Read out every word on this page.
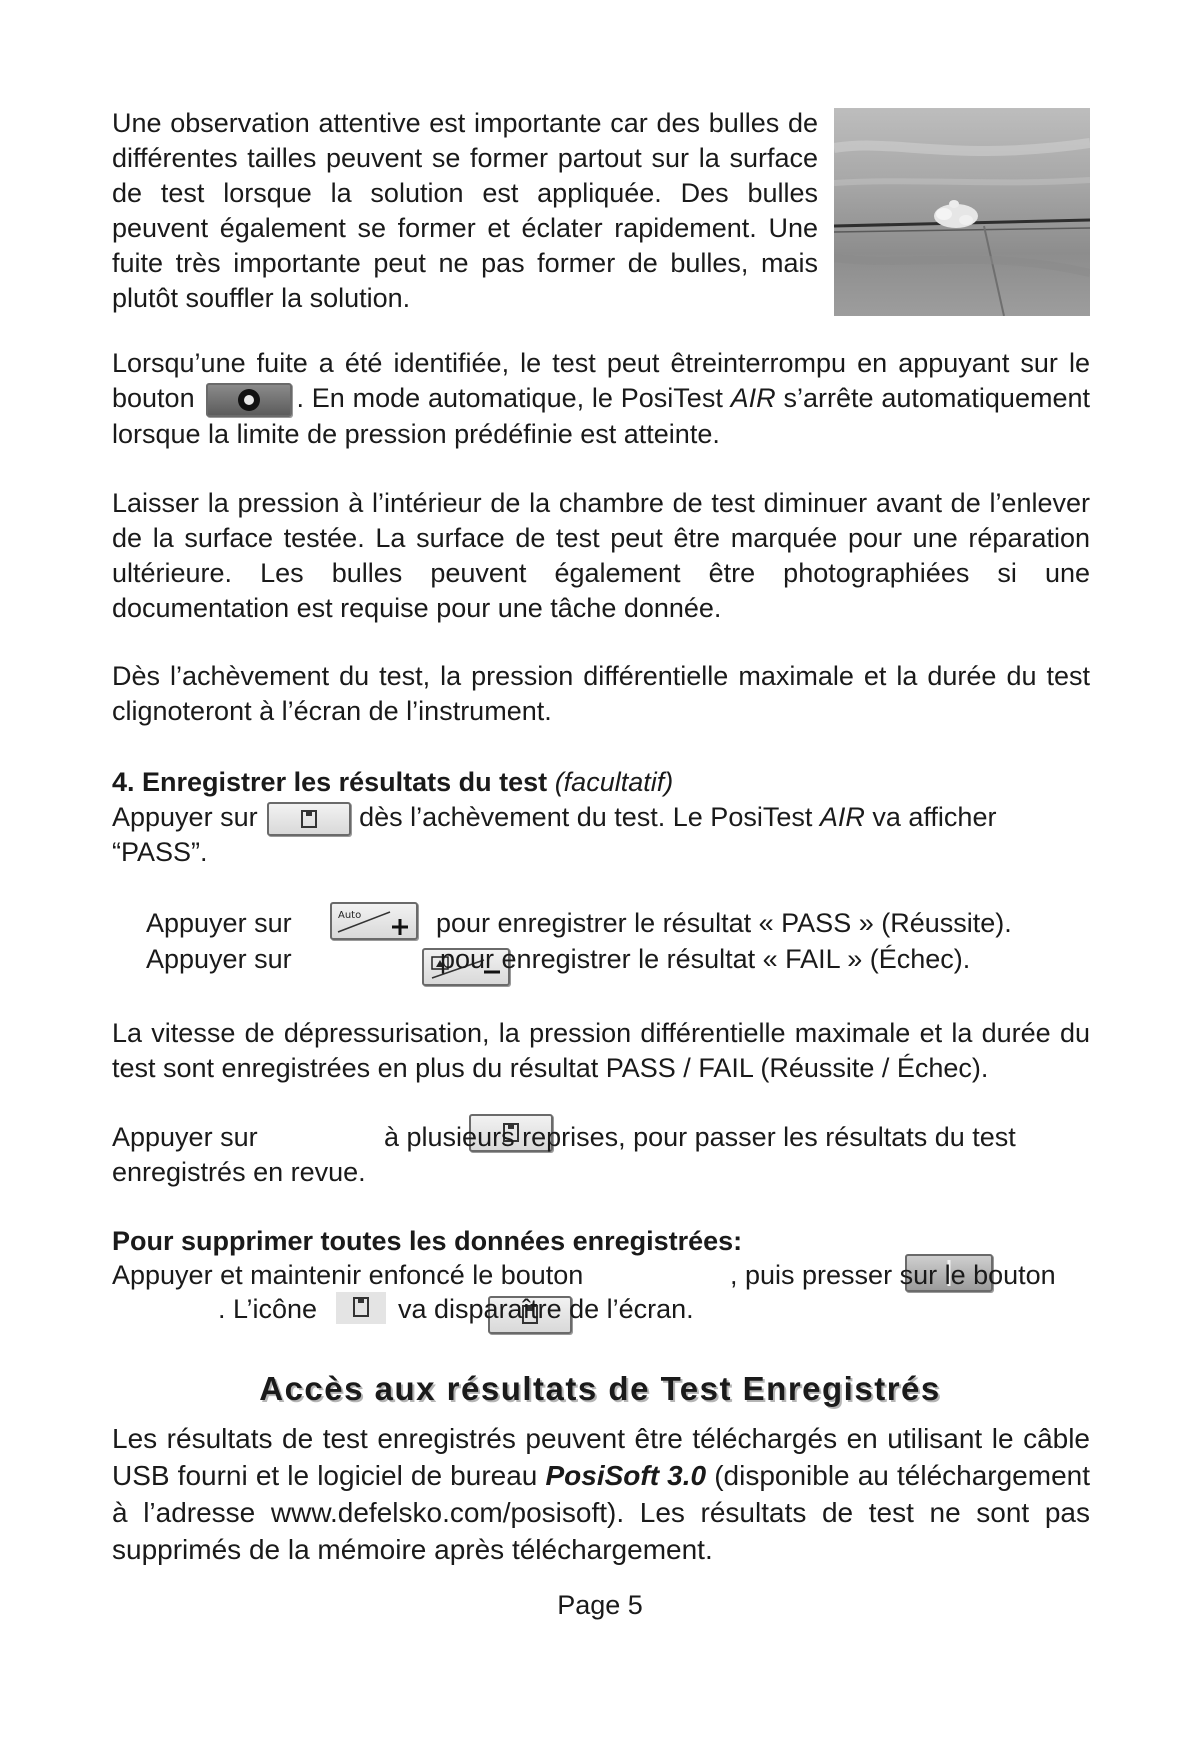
Une observation attentive est importante car des bulles de différentes tailles peuvent se former partout sur la surface de test lorsque la solution est appliquée. Des bulles peuvent également se former et éclater rapidement. Une fuite très importante peut ne pas former de bulles, mais plutôt souffler la solution.

Lorsqu’une fuite a été identifiée, le test peut êtreinterrompu en appuyant sur le bouton	. En mode automatique, le PosiTest AIR s’arrête automatiquement lorsque la limite de pression prédéfinie est atteinte.

Laisser la pression à l’intérieur de la chambre de test diminuer avant de l’enlever de la surface testée. La surface de test peut être marquée pour une réparation ultérieure. Les bulles peuvent également être photographiées si une documentation est requise pour une tâche donnée.

Dès l’achèvement du test, la pression différentielle maximale et la durée du test clignoteront à l’écran de l’instrument.

4. Enregistrer les résultats du test (facultatif)

Appuyer sur	dès l’achèvement du test. Le PosiTest AIR va afficher

“PASS”.

Appuyer sur	Auto
	pour enregistrer le résultat « PASS » (Réussite).
Appuyer sur
	pour enregistrer le résultat « FAIL » (Échec).

La vitesse de dépressurisation, la pression différentielle maximale et la durée du test sont enregistrées en plus du résultat PASS / FAIL (Réussite / Échec).

Appuyer sur
	à plusieurs reprises, pour passer les résultats du test
enregistrés en revue.
Pour supprimer toutes les données enregistrées:
Appuyer et maintenir enfoncé le bouton
	, puis presser sur le bouton
. L’icône	va disparaître de l’écran.
Accès aux résultats de Test Enregistrés

Les résultats de test enregistrés peuvent être téléchargés en utilisant le câble USB fourni et le logiciel de bureau PosiSoft 3.0 (disponible au téléchargement à l’adresse www.defelsko.com/posisoft). Les résultats de test ne sont pas supprimés de la mémoire après téléchargement.

Page 5
